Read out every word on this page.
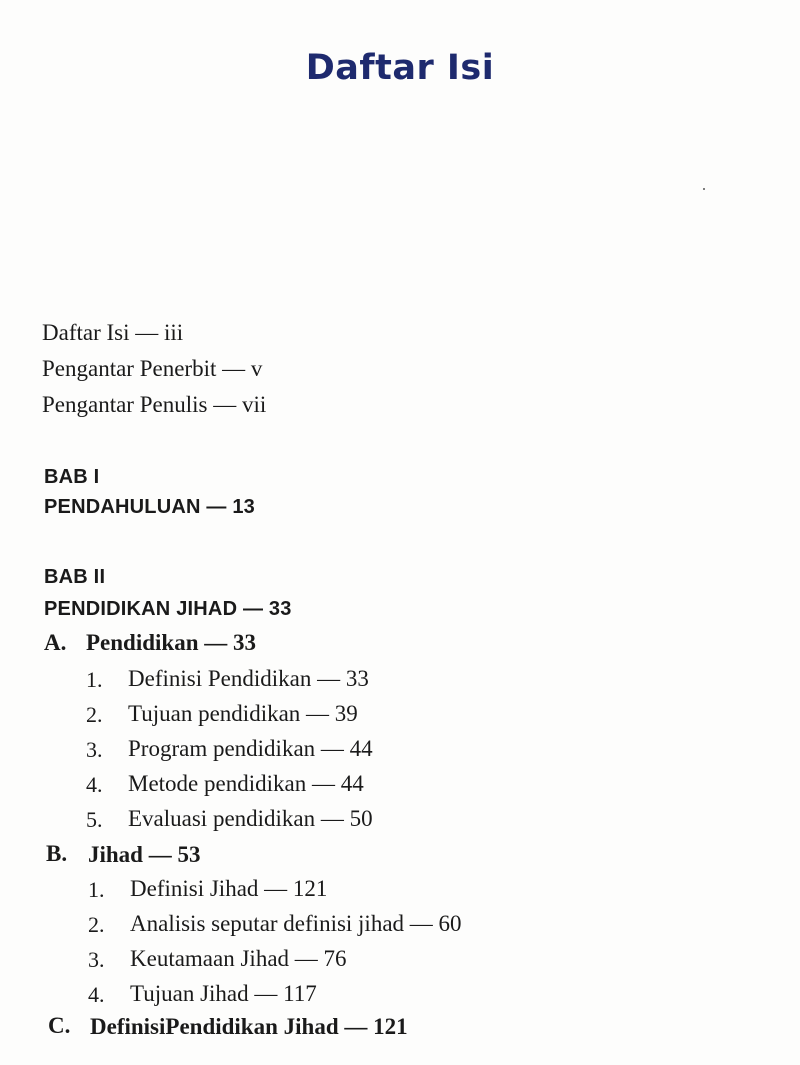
Daftar Isi
Daftar Isi — iii
Pengantar Penerbit — v
Pengantar Penulis — vii
BAB I
PENDAHULUAN — 13
BAB II
PENDIDIKAN JIHAD — 33
A. Pendidikan — 33
1. Definisi Pendidikan — 33
2. Tujuan pendidikan — 39
3. Program pendidikan — 44
4. Metode pendidikan — 44
5. Evaluasi pendidikan — 50
B. Jihad — 53
1. Definisi Jihad — 121
2. Analisis seputar definisi jihad — 60
3. Keutamaan Jihad — 76
4. Tujuan Jihad — 117
C. DefinisiPendidikan Jihad — 121
